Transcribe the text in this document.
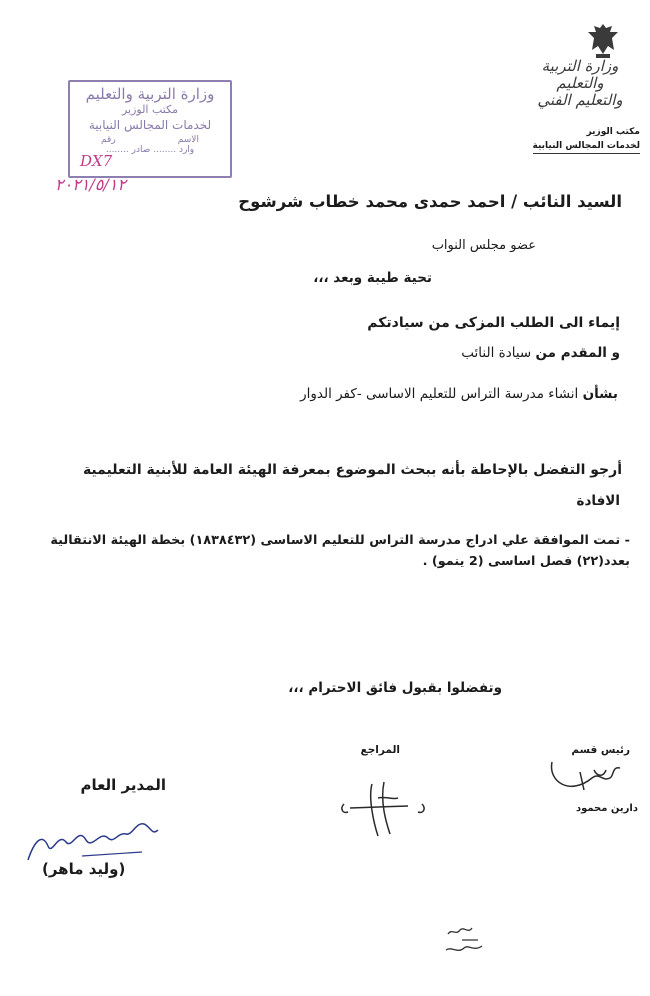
وزارة التربية والتعليم
والتعليم الفني
مكتب الوزير
لخدمات المجالس النيابية
وزارة التربية والتعليم
مكتب الوزير
لخدمات المجالس النيابية
الاسم
رقم
وارد ........ صادر ........
DX7
٢٠٢١/٥/١٢
السيد النائب / احمد حمدى محمد خطاب شرشوح
عضو مجلس النواب
تحية طيبة وبعد ،،،
إيماء الى الطلب المزكى من سيادتكم
و المقدم من سيادة النائب
بشأن انشاء مدرسة التراس للتعليم الاساسى -كفر الدوار
أرجو التفضل بالإحاطة بأنه ببحث الموضوع بمعرفة الهيئة العامة للأبنية التعليمية
الافادة
- تمت الموافقة علي ادراج مدرسة التراس للتعليم الاساسى (١٨٣٨٤٣٢) بخطة الهيئة الانتقالية بعدد(٢٢) فصل اساسى (2 ينمو) .
وتفضلوا بقبول فائق الاحترام ،،،
رئيس قسم
دارين محمود
المراجع
المدير العام
(وليد ماهر)
